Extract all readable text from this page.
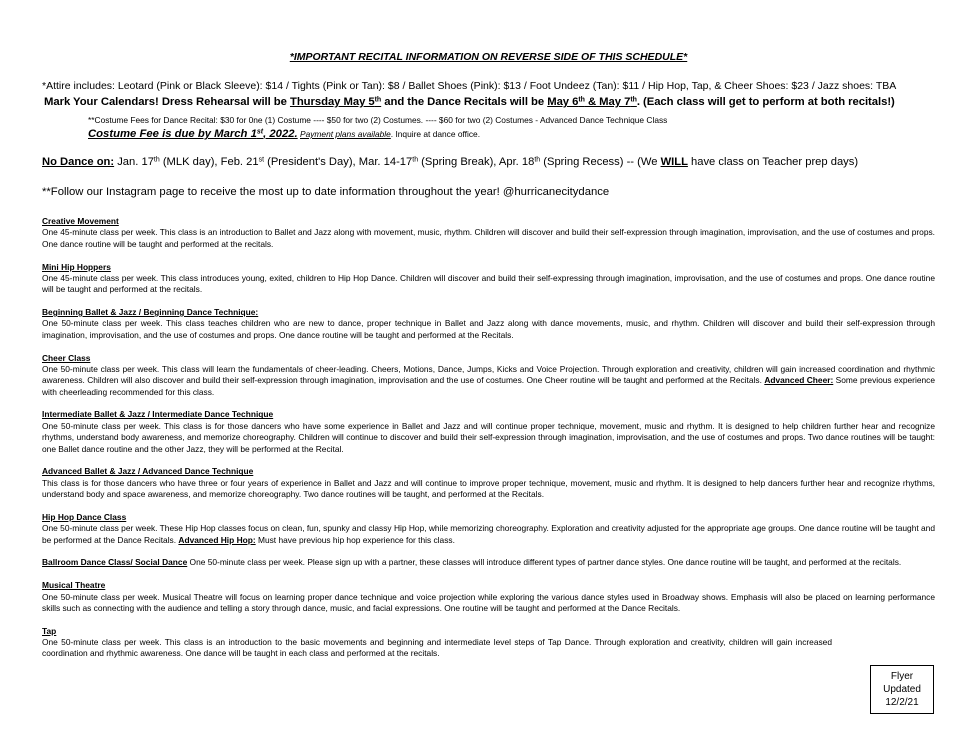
*IMPORTANT RECITAL INFORMATION ON REVERSE SIDE OF THIS SCHEDULE*
*Attire includes: Leotard (Pink or Black Sleeve): $14 / Tights (Pink or Tan): $8 / Ballet Shoes (Pink): $13 / Foot Undeez (Tan): $11 / Hip Hop, Tap, & Cheer Shoes: $23 / Jazz shoes: TBA
Mark Your Calendars! Dress Rehearsal will be Thursday May 5th and the Dance Recitals will be May 6th & May 7th. (Each class will get to perform at both recitals!)
**Costume Fees for Dance Recital: $30 for 0ne (1) Costume ---- $50 for two (2) Costumes. ---- $60 for two (2) Costumes - Advanced Dance Technique Class
Costume Fee is due by March 1st, 2022. Payment plans available. Inquire at dance office.
No Dance on: Jan. 17th (MLK day), Feb. 21st (President's Day), Mar. 14-17th (Spring Break), Apr. 18th (Spring Recess) -- (We WILL have class on Teacher prep days)
**Follow our Instagram page to receive the most up to date information throughout the year! @hurricanecitydance
Creative Movement
One 45-minute class per week. This class is an introduction to Ballet and Jazz along with movement, music, rhythm. Children will discover and build their self-expression through imagination, improvisation, and the use of costumes and props. One dance routine will be taught and performed at the recitals.
Mini Hip Hoppers
One 45-minute class per week. This class introduces young, exited, children to Hip Hop Dance. Children will discover and build their self-expressing through imagination, improvisation, and the use of costumes and props. One dance routine will be taught and performed at the recitals.
Beginning Ballet & Jazz / Beginning Dance Technique:
One 50-minute class per week. This class teaches children who are new to dance, proper technique in Ballet and Jazz along with dance movements, music, and rhythm. Children will discover and build their self-expression through imagination, improvisation, and the use of costumes and props. One dance routine will be taught and performed at the Recitals.
Cheer Class
One 50-minute class per week. This class will learn the fundamentals of cheer-leading. Cheers, Motions, Dance, Jumps, Kicks and Voice Projection. Through exploration and creativity, children will gain increased coordination and rhythmic awareness. Children will also discover and build their self-expression through imagination, improvisation and the use of costumes. One Cheer routine will be taught and performed at the Recitals. Advanced Cheer: Some previous experience with cheerleading recommended for this class.
Intermediate Ballet & Jazz / Intermediate Dance Technique
One 50-minute class per week. This class is for those dancers who have some experience in Ballet and Jazz and will continue proper technique, movement, music and rhythm. It is designed to help children further hear and recognize rhythms, understand body awareness, and memorize choreography. Children will continue to discover and build their self-expression through imagination, improvisation, and the use of costumes and props. Two dance routines will be taught: one Ballet dance routine and the other Jazz, they will be performed at the Recital.
Advanced Ballet & Jazz / Advanced Dance Technique
This class is for those dancers who have three or four years of experience in Ballet and Jazz and will continue to improve proper technique, movement, music and rhythm. It is designed to help dancers further hear and recognize rhythms, understand body and space awareness, and memorize choreography. Two dance routines will be taught, and performed at the Recitals.
Hip Hop Dance Class
One 50-minute class per week. These Hip Hop classes focus on clean, fun, spunky and classy Hip Hop, while memorizing choreography. Exploration and creativity adjusted for the appropriate age groups. One dance routine will be taught and be performed at the Dance Recitals. Advanced Hip Hop: Must have previous hip hop experience for this class.
Ballroom Dance Class/ Social Dance One 50-minute class per week. Please sign up with a partner, these classes will introduce different types of partner dance styles. One dance routine will be taught, and performed at the recitals.
Musical Theatre
One 50-minute class per week. Musical Theatre will focus on learning proper dance technique and voice projection while exploring the various dance styles used in Broadway shows. Emphasis will also be placed on learning performance skills such as connecting with the audience and telling a story through dance, music, and facial expressions. One routine will be taught and performed at the Dance Recitals.
Tap
One 50-minute class per week. This class is an introduction to the basic movements and beginning and intermediate level steps of Tap Dance. Through exploration and creativity, children will gain increased coordination and rhythmic awareness. One dance will be taught in each class and performed at the recitals.
Flyer
Updated
12/2/21
